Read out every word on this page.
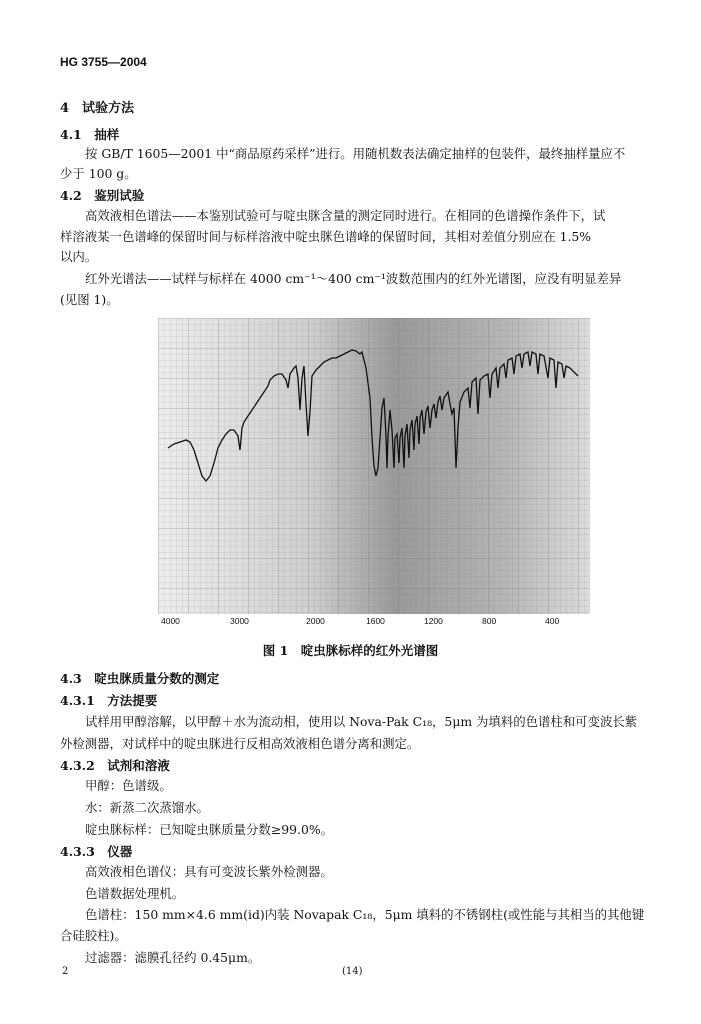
HG 3755—2004
4　试验方法
4.1　抽样
按 GB/T 1605—2001 中“商品原药采样”进行。用随机数表法确定抽样的包装件，最终抽样量应不
少于 100 g。
4.2　鉴别试验
高效液相色谱法——本鉴别试验可与啶虫脒含量的测定同时进行。在相同的色谱操作条件下，试
样溶液某一色谱峰的保留时间与标样溶液中啶虫脒色谱峰的保留时间，其相对差值分别应在 1.5%
以内。
红外光谱法——试样与标样在 4000 cm⁻¹～400 cm⁻¹波数范围内的红外光谱图，应没有明显差异
(见图 1)。
4000	3000	2000	1600	1200	800	400
图 1　啶虫脒标样的红外光谱图
4.3　啶虫脒质量分数的测定
4.3.1　方法提要
试样用甲醇溶解，以甲醇＋水为流动相，使用以 Nova-Pak C₁₈，5μm 为填料的色谱柱和可变波长紫
外检测器，对试样中的啶虫脒进行反相高效液相色谱分离和测定。
4.3.2　试剂和溶液
甲醇：色谱级。
水：新蒸二次蒸馏水。
啶虫脒标样：已知啶虫脒质量分数≥99.0%。
4.3.3　仪器
高效液相色谱仪：具有可变波长紫外检测器。
色谱数据处理机。
色谱柱：150 mm×4.6 mm(id)内装 Novapak C₁₈，5μm 填料的不锈钢柱(或性能与其相当的其他键
合硅胶柱)。
过滤器：滤膜孔径约 0.45μm。
2	(14)
